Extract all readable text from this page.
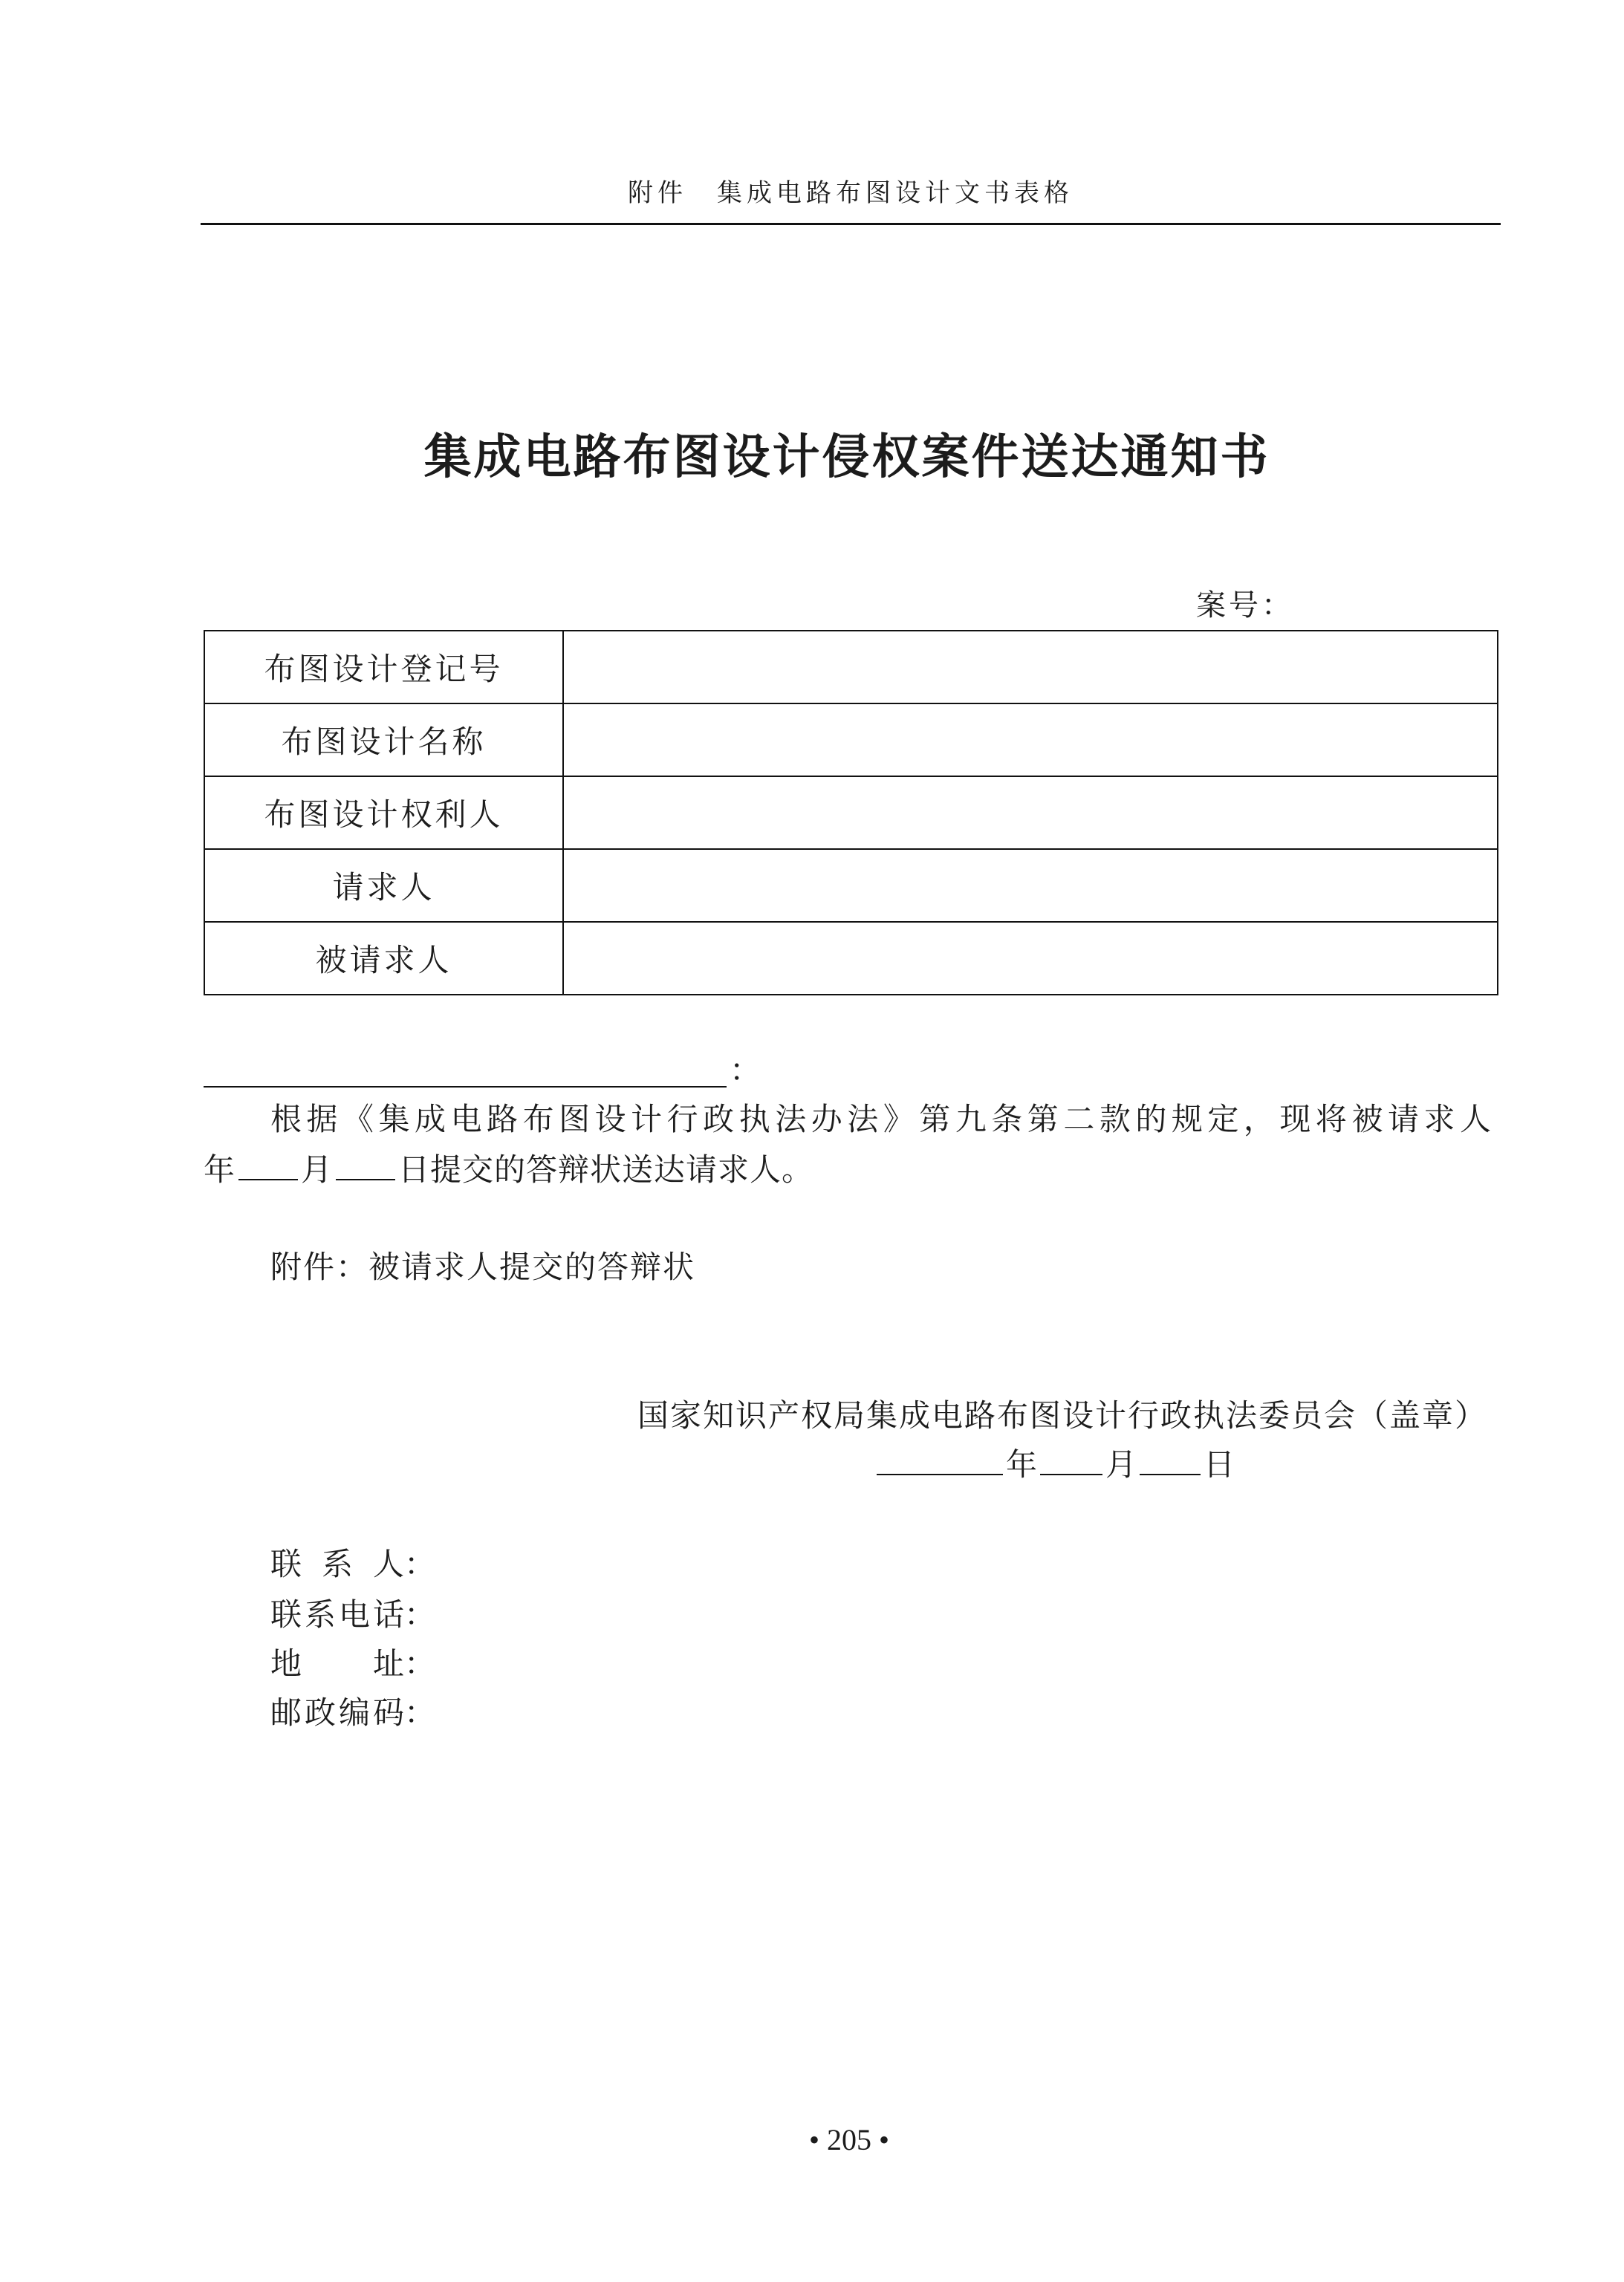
附件 集成电路布图设计文书表格
集成电路布图设计侵权案件送达通知书
案号：
布图设计登记号
布图设计名称
布图设计权利人
请求人
被请求人
：
根据《集成电路布图设计行政执法办法》第九条第二款的规定，现将被请求人
年 月 日提交的答辩状送达请求人。
附件：被请求人提交的答辩状
国家知识产权局集成电路布图设计行政执法委员会（盖章）
年 月 日
联 系 人 ：
联系电话 ：
地　　址 ：
邮政编码 ：
• 205 •
